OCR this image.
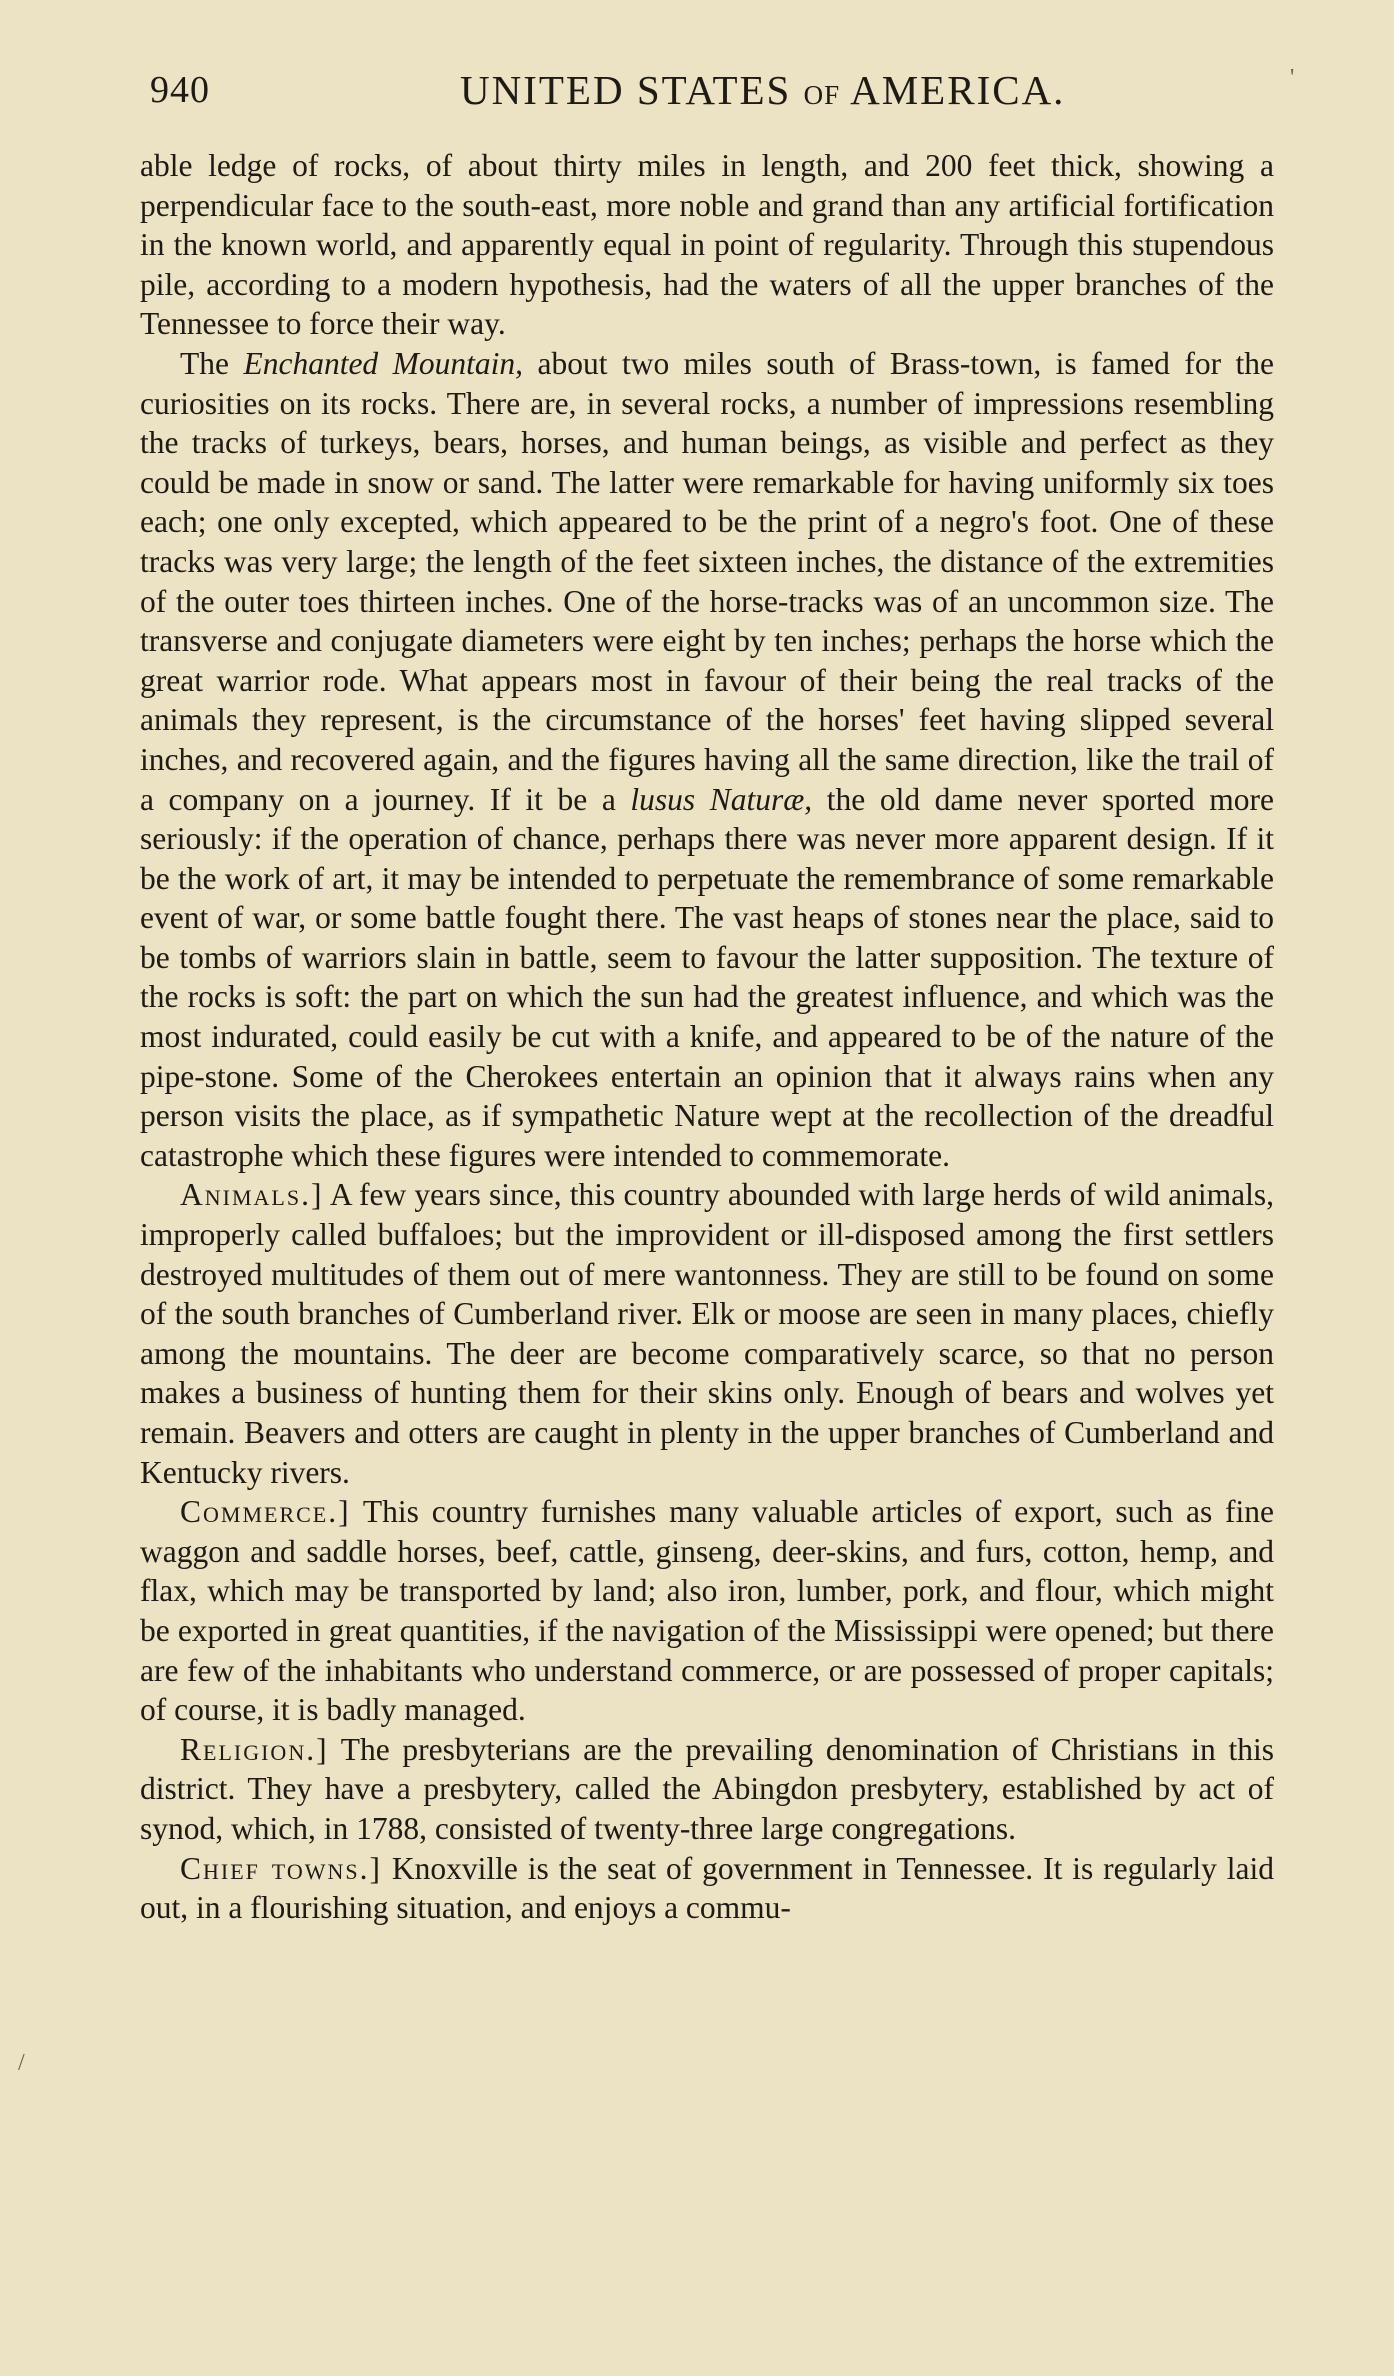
940	UNITED STATES OF AMERICA.

able ledge of rocks, of about thirty miles in length, and 200 feet thick, showing a perpendicular face to the south-east, more noble and grand than any artificial fortification in the known world, and apparently equal in point of regularity. Through this stupendous pile, according to a modern hypothesis, had the waters of all the upper branches of the Tennessee to force their way.

The Enchanted Mountain, about two miles south of Brass-town, is famed for the curiosities on its rocks. There are, in several rocks, a number of impressions resembling the tracks of turkeys, bears, horses, and human beings, as visible and perfect as they could be made in snow or sand. The latter were remarkable for having uniformly six toes each; one only excepted, which appeared to be the print of a negro's foot. One of these tracks was very large; the length of the feet sixteen inches, the distance of the extremities of the outer toes thirteen inches. One of the horse-tracks was of an uncommon size. The transverse and conjugate diameters were eight by ten inches; perhaps the horse which the great warrior rode. What appears most in favour of their being the real tracks of the animals they represent, is the circumstance of the horses' feet having slipped several inches, and recovered again, and the figures having all the same direction, like the trail of a company on a journey. If it be a lusus Naturæ, the old dame never sported more seriously: if the operation of chance, perhaps there was never more apparent design. If it be the work of art, it may be intended to perpetuate the remembrance of some remarkable event of war, or some battle fought there. The vast heaps of stones near the place, said to be tombs of warriors slain in battle, seem to favour the latter supposition. The texture of the rocks is soft: the part on which the sun had the greatest influence, and which was the most indurated, could easily be cut with a knife, and appeared to be of the nature of the pipe-stone. Some of the Cherokees entertain an opinion that it always rains when any person visits the place, as if sympathetic Nature wept at the recollection of the dreadful catastrophe which these figures were intended to commemorate.

Animals.] A few years since, this country abounded with large herds of wild animals, improperly called buffaloes; but the improvident or ill-disposed among the first settlers destroyed multitudes of them out of mere wantonness. They are still to be found on some of the south branches of Cumberland river. Elk or moose are seen in many places, chiefly among the mountains. The deer are become comparatively scarce, so that no person makes a business of hunting them for their skins only. Enough of bears and wolves yet remain. Beavers and otters are caught in plenty in the upper branches of Cumberland and Kentucky rivers.

Commerce.] This country furnishes many valuable articles of export, such as fine waggon and saddle horses, beef, cattle, ginseng, deer-skins, and furs, cotton, hemp, and flax, which may be transported by land; also iron, lumber, pork, and flour, which might be exported in great quantities, if the navigation of the Mississippi were opened; but there are few of the inhabitants who understand commerce, or are possessed of proper capitals; of course, it is badly managed.

Religion.] The presbyterians are the prevailing denomination of Christians in this district. They have a presbytery, called the Abingdon presbytery, established by act of synod, which, in 1788, consisted of twenty-three large congregations.

Chief towns.] Knoxville is the seat of government in Tennessee. It is regularly laid out, in a flourishing situation, and enjoys a commu-

/
'
